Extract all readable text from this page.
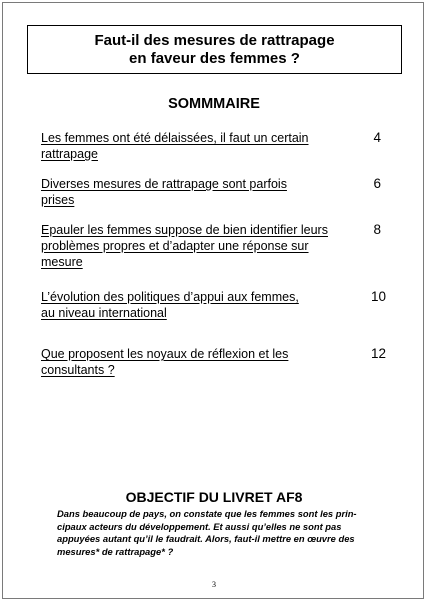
Faut-il des mesures de rattrapage
en faveur des femmes ?
SOMMMAIRE
Les femmes ont été délaissées, il faut un certain
rattrapage
4
Diverses mesures de rattrapage sont parfois
prises
6
Epauler les femmes suppose de bien identifier leurs
problèmes propres et d’adapter une réponse sur
mesure
8
L’évolution des politiques d’appui aux femmes,
au niveau international
10
Que proposent les noyaux de réflexion et les
consultants ?
12
OBJECTIF DU LIVRET AF8
Dans beaucoup de pays, on constate que les femmes sont les prin-
cipaux acteurs du développement. Et aussi qu’elles ne sont pas
appuyées autant qu’il le faudrait. Alors, faut-il mettre en œuvre des
mesures* de rattrapage* ?
3
